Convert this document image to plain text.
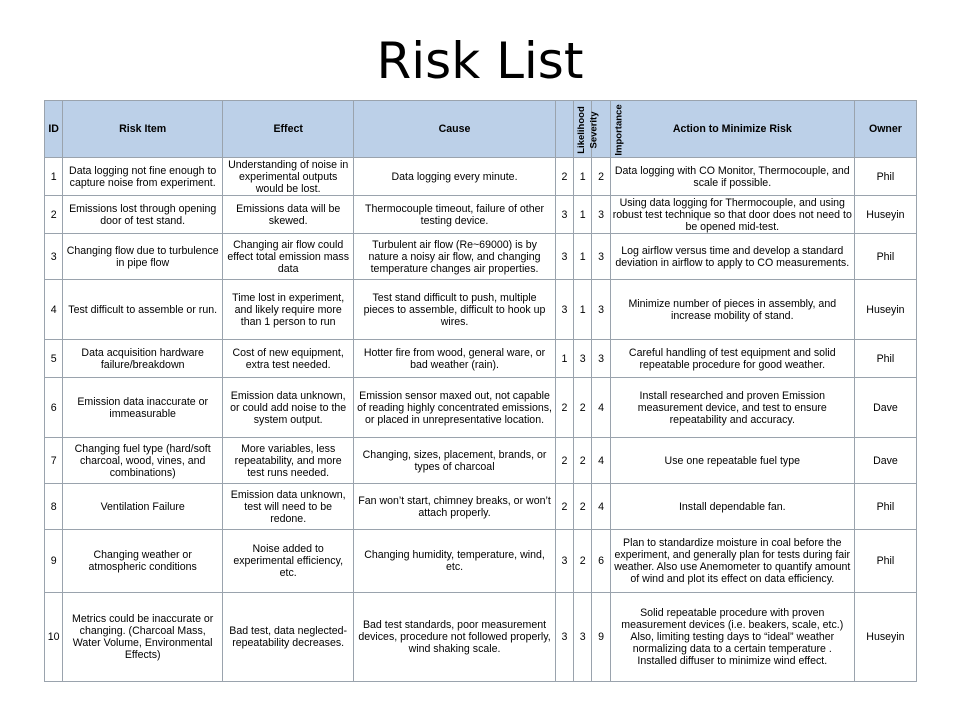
Risk List
ID	Risk Item	Effect	Cause	Likelihood	Severity	Importance	Action to Minimize Risk	Owner
1	Data logging not fine enough to capture noise from experiment.	Understanding of noise in experimental outputs would be lost.	Data logging every minute.	2	1	2	Data logging with CO Monitor, Thermocouple, and scale if possible.	Phil
2	Emissions lost through opening door of test stand.	Emissions data will be skewed.	Thermocouple timeout, failure of other testing device.	3	1	3	Using data logging for Thermocouple, and using robust test technique so that door does not need to be opened mid-test.	Huseyin
3	Changing flow due to turbulence in pipe flow	Changing air flow could effect total emission mass data	Turbulent air flow (Re~69000) is by nature a noisy air flow, and changing temperature changes air properties.	3	1	3	Log airflow versus time and develop a standard deviation in airflow to apply to CO measurements.	Phil
4	Test difficult to assemble or run.	Time lost in experiment, and likely require more than 1 person to run	Test stand difficult to push, multiple pieces to assemble, difficult to hook up wires.	3	1	3	Minimize number of pieces in assembly, and increase mobility of stand.	Huseyin
5	Data acquisition hardware failure/breakdown	Cost of new equipment, extra test needed.	Hotter fire from wood, general ware, or bad weather (rain).	1	3	3	Careful handling of test equipment and solid repeatable procedure for good weather.	Phil
6	Emission data inaccurate or immeasurable	Emission data unknown, or could add noise to the system output.	Emission sensor maxed out, not capable of reading highly concentrated emissions, or placed in unrepresentative location.	2	2	4	Install researched and proven Emission measurement device, and test to ensure repeatability and accuracy.	Dave
7	Changing fuel type (hard/soft charcoal, wood, vines, and combinations)	More variables, less repeatability, and more test runs needed.	Changing, sizes, placement, brands, or types of charcoal	2	2	4	Use one repeatable fuel type	Dave
8	Ventilation Failure	Emission data unknown, test will need to be redone.	Fan won’t start, chimney breaks, or won’t attach properly.	2	2	4	Install dependable fan.	Phil
9	Changing weather or atmospheric conditions	Noise added to experimental efficiency, etc.	Changing humidity, temperature, wind, etc.	3	2	6	Plan to standardize moisture in coal before the experiment, and generally plan for tests during fair weather. Also use Anemometer to quantify amount of wind and plot its effect on data efficiency.	Phil
10	Metrics could be inaccurate or changing. (Charcoal Mass, Water Volume, Environmental Effects)	Bad test, data neglected- repeatability decreases.	Bad test standards, poor measurement devices, procedure not followed properly, wind shaking scale.	3	3	9	Solid repeatable procedure with proven measurement devices (i.e. beakers, scale, etc.) Also, limiting testing days to “ideal” weather normalizing data to a certain temperature . Installed diffuser to minimize wind effect.	Huseyin
